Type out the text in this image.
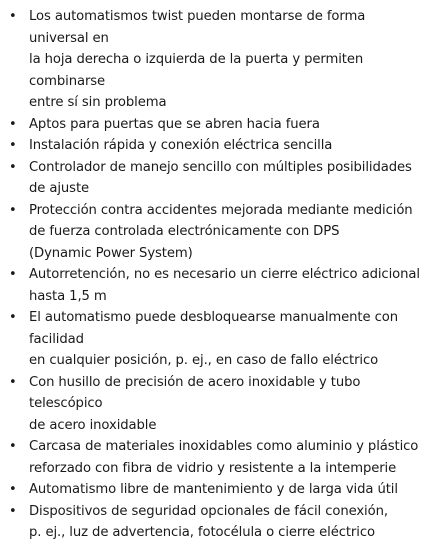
• Los automatismos twist pueden montarse de forma universal en
la hoja derecha o izquierda de la puerta y permiten combinarse
entre sí sin problema
• Aptos para puertas que se abren hacia fuera
• Instalación rápida y conexión eléctrica sencilla
• Controlador de manejo sencillo con múltiples posibilidades
de ajuste
• Protección contra accidentes mejorada mediante medición
de fuerza controlada electrónicamente con DPS
(Dynamic Power System)
• Autorretención, no es necesario un cierre eléctrico adicional
hasta 1,5 m
• El automatismo puede desbloquearse manualmente con facilidad
en cualquier posición, p. ej., en caso de fallo eléctrico
• Con husillo de precisión de acero inoxidable y tubo telescópico
de acero inoxidable
• Carcasa de materiales inoxidables como aluminio y plástico
reforzado con fibra de vidrio y resistente a la intemperie
• Automatismo libre de mantenimiento y de larga vida útil
• Dispositivos de seguridad opcionales de fácil conexión,
p. ej., luz de advertencia, fotocélula o cierre eléctrico
